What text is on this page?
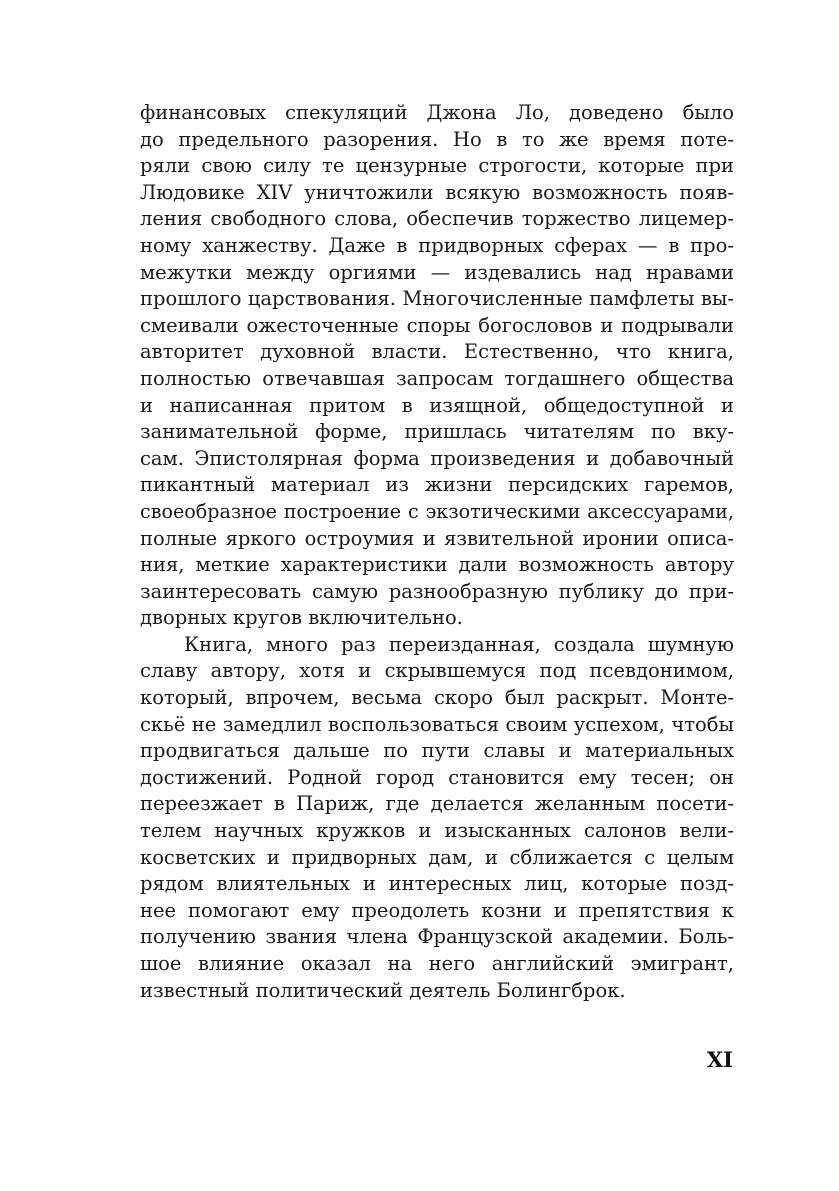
финансовых спекуляций Джона Ло, доведено было
до предельного разорения. Но в то же время поте-
ряли свою силу те цензурные строгости, которые при
Людовике XIV уничтожили всякую возможность появ-
ления свободного слова, обеспечив торжество лицемер-
ному ханжеству. Даже в придворных сферах — в про-
межутки между оргиями — издевались над нравами
прошлого царствования. Многочисленные памфлеты вы-
смеивали ожесточенные споры богословов и подрывали
авторитет духовной власти. Естественно, что книга,
полностью отвечавшая запросам тогдашнего общества
и написанная притом в изящной, общедоступной и
занимательной форме, пришлась читателям по вку-
сам. Эпистолярная форма произведения и добавочный
пикантный материал из жизни персидских гаремов,
своеобразное построение с экзотическими аксессуарами,
полные яркого остроумия и язвительной иронии описа-
ния, меткие характеристики дали возможность автору
заинтересовать самую разнообразную публику до при-
дворных кругов включительно.
Книга, много раз переизданная, создала шумную
славу автору, хотя и скрывшемуся под псевдонимом,
который, впрочем, весьма скоро был раскрыт. Монте-
скьё не замедлил воспользоваться своим успехом, чтобы
продвигаться дальше по пути славы и материальных
достижений. Родной город становится ему тесен; он
переезжает в Париж, где делается желанным посети-
телем научных кружков и изысканных салонов вели-
косветских и придворных дам, и сближается с целым
рядом влиятельных и интересных лиц, которые позд-
нее помогают ему преодолеть козни и препятствия к
получению звания члена Французской академии. Боль-
шое влияние оказал на него английский эмигрант,
известный политический деятель Болингброк.
XI
